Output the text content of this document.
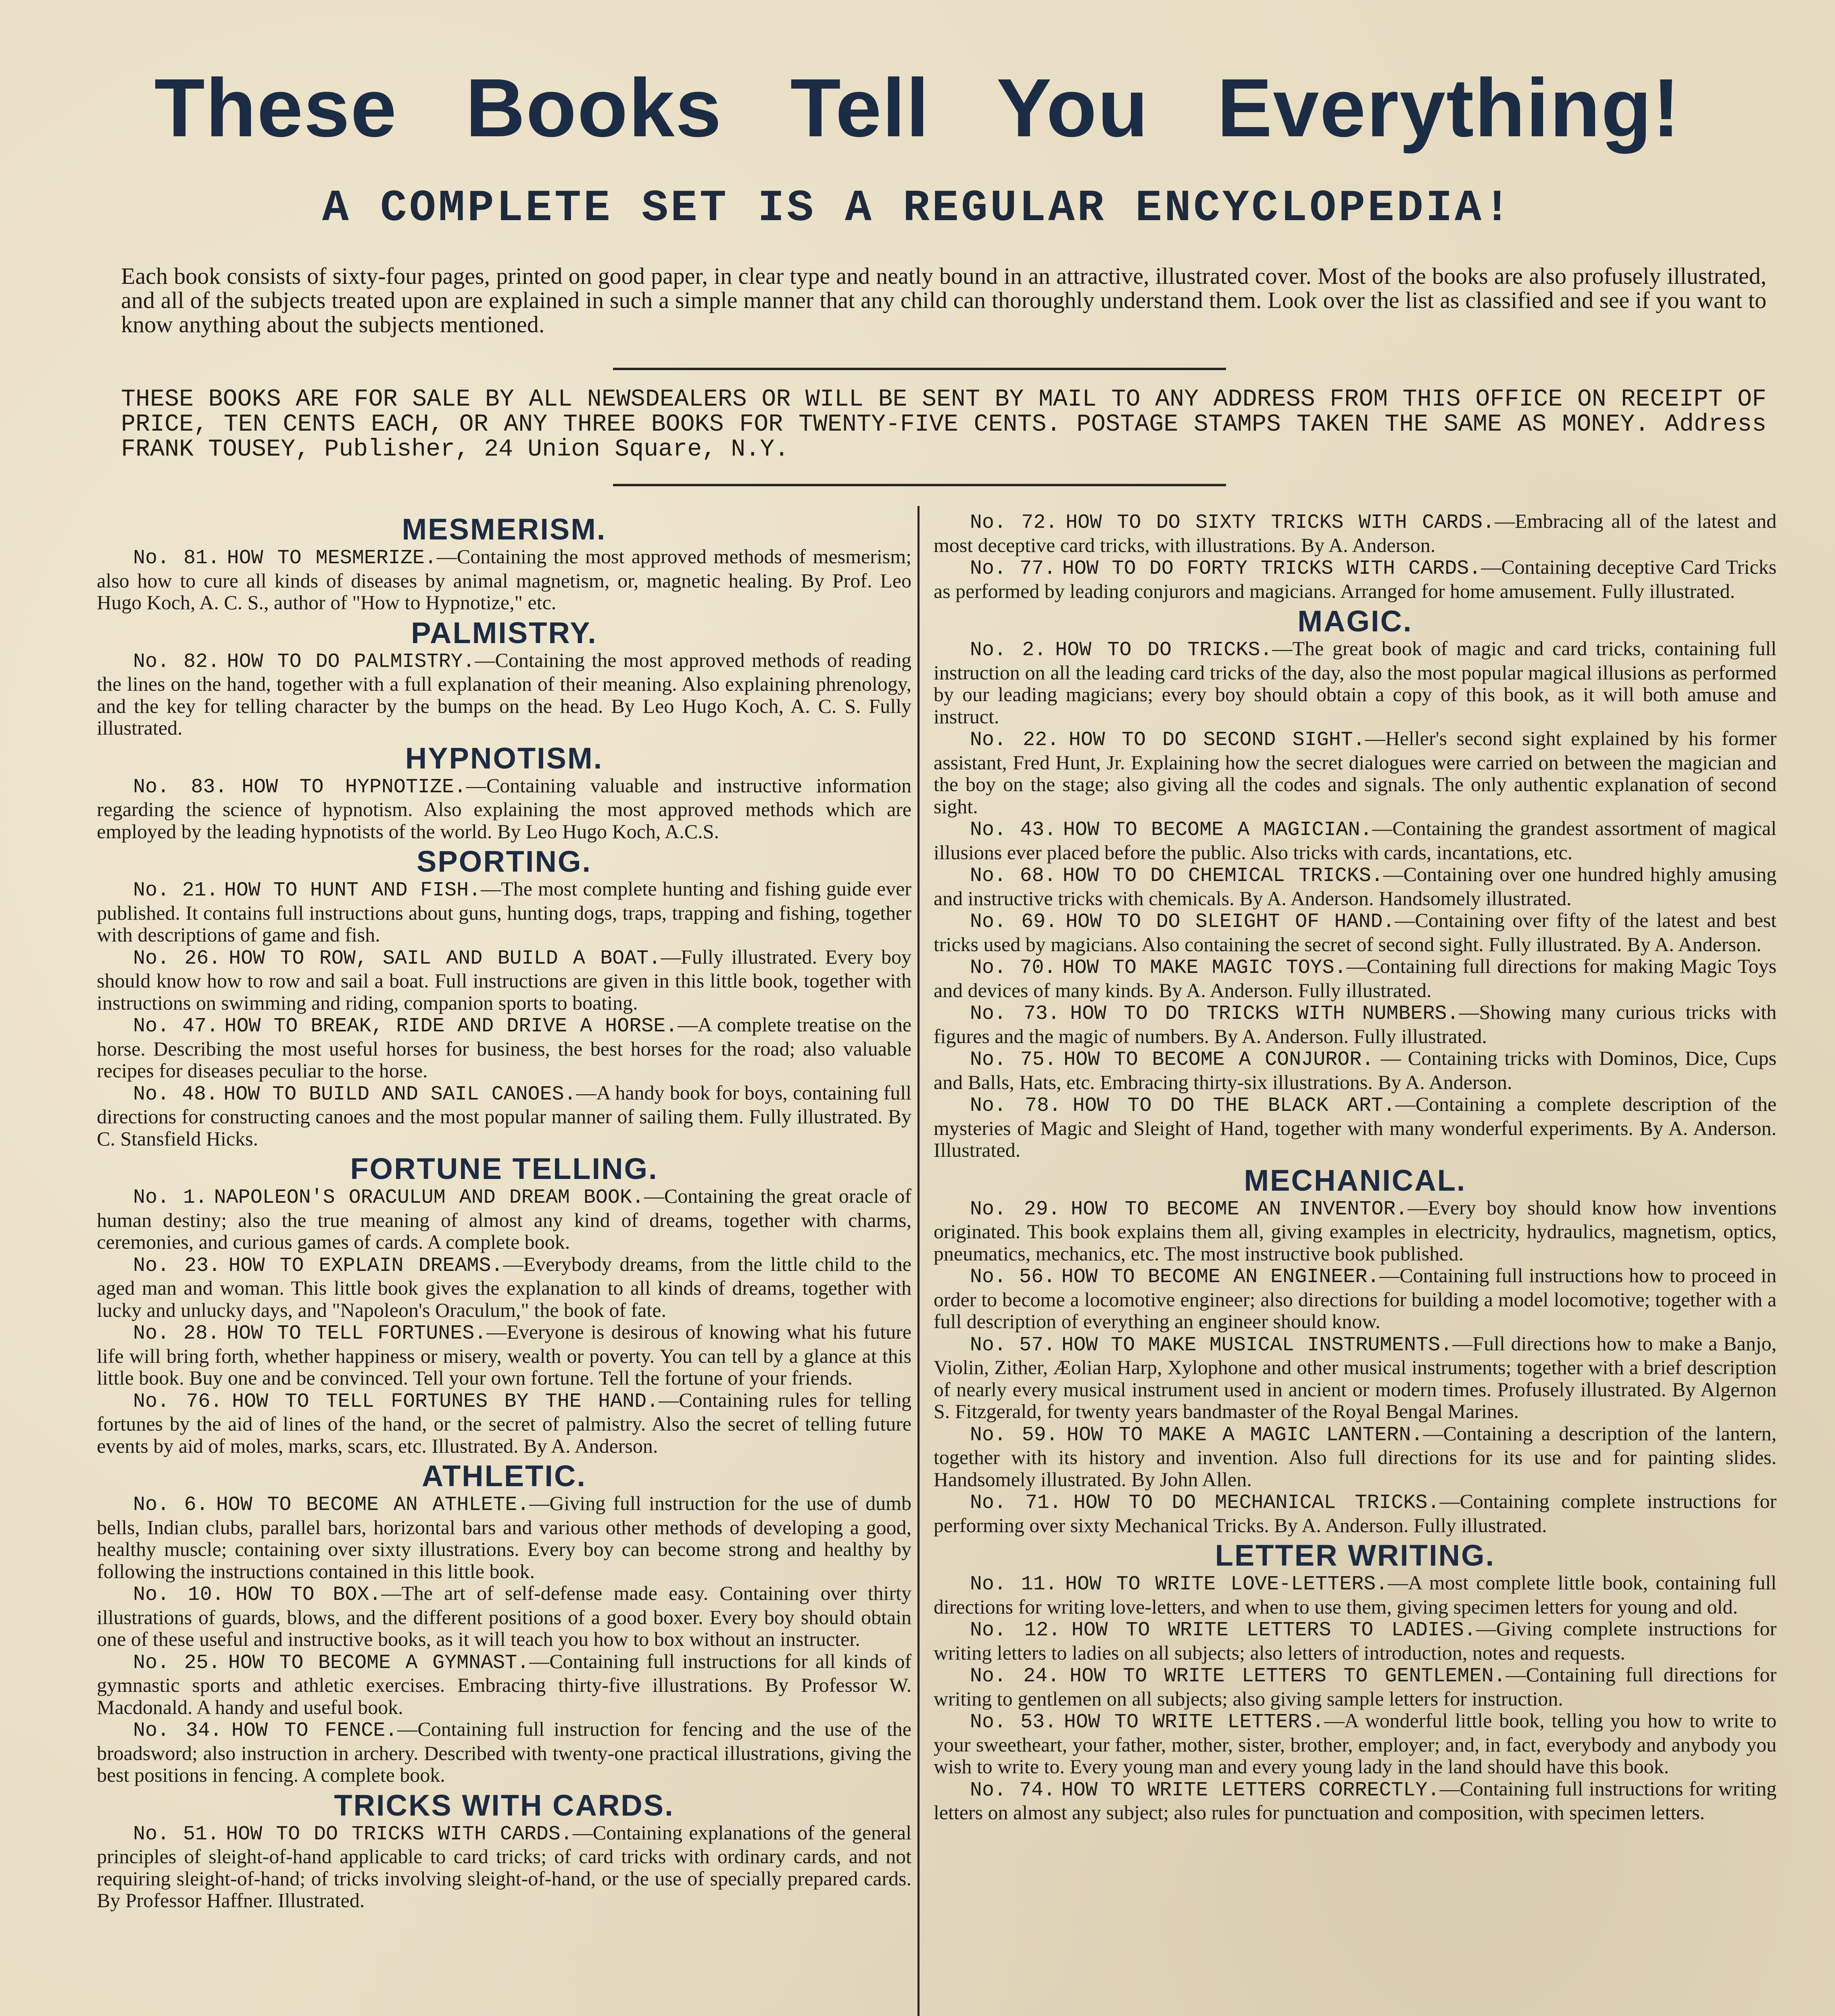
These Books Tell You Everything!
A COMPLETE SET IS A REGULAR ENCYCLOPEDIA!

Each book consists of sixty-four pages, printed on good paper, in clear type and neatly bound in an attractive, illustrated cover. Most of the books are also profusely illustrated, and all of the subjects treated upon are explained in such a simple manner that any child can thoroughly understand them. Look over the list as classified and see if you want to know anything about the subjects mentioned.

THESE BOOKS ARE FOR SALE BY ALL NEWSDEALERS OR WILL BE SENT BY MAIL TO ANY ADDRESS FROM THIS OFFICE ON RECEIPT OF PRICE, TEN CENTS EACH, OR ANY THREE BOOKS FOR TWENTY-FIVE CENTS. POSTAGE STAMPS TAKEN THE SAME AS MONEY. Address FRANK TOUSEY, Publisher, 24 Union Square, N.Y.

MESMERISM.

No. 81. HOW TO MESMERIZE.—Containing the most approved methods of mesmerism; also how to cure all kinds of diseases by animal magnetism, or, magnetic healing. By Prof. Leo Hugo Koch, A. C. S., author of "How to Hypnotize," etc.

PALMISTRY.

No. 82. HOW TO DO PALMISTRY.—Containing the most approved methods of reading the lines on the hand, together with a full explanation of their meaning. Also explaining phrenology, and the key for telling character by the bumps on the head. By Leo Hugo Koch, A. C. S. Fully illustrated.

HYPNOTISM.

No. 83. HOW TO HYPNOTIZE.—Containing valuable and instructive information regarding the science of hypnotism. Also explaining the most approved methods which are employed by the leading hypnotists of the world. By Leo Hugo Koch, A.C.S.

SPORTING.

No. 21. HOW TO HUNT AND FISH.—The most complete hunting and fishing guide ever published. It contains full instructions about guns, hunting dogs, traps, trapping and fishing, together with descriptions of game and fish.

No. 26. HOW TO ROW, SAIL AND BUILD A BOAT.—Fully illustrated. Every boy should know how to row and sail a boat. Full instructions are given in this little book, together with instructions on swimming and riding, companion sports to boating.

No. 47. HOW TO BREAK, RIDE AND DRIVE A HORSE.—A complete treatise on the horse. Describing the most useful horses for business, the best horses for the road; also valuable recipes for diseases peculiar to the horse.

No. 48. HOW TO BUILD AND SAIL CANOES.—A handy book for boys, containing full directions for constructing canoes and the most popular manner of sailing them. Fully illustrated. By C. Stansfield Hicks.

FORTUNE TELLING.

No. 1. NAPOLEON'S ORACULUM AND DREAM BOOK.—Containing the great oracle of human destiny; also the true meaning of almost any kind of dreams, together with charms, ceremonies, and curious games of cards. A complete book.

No. 23. HOW TO EXPLAIN DREAMS.—Everybody dreams, from the little child to the aged man and woman. This little book gives the explanation to all kinds of dreams, together with lucky and unlucky days, and "Napoleon's Oraculum," the book of fate.

No. 28. HOW TO TELL FORTUNES.—Everyone is desirous of knowing what his future life will bring forth, whether happiness or misery, wealth or poverty. You can tell by a glance at this little book. Buy one and be convinced. Tell your own fortune. Tell the fortune of your friends.

No. 76. HOW TO TELL FORTUNES BY THE HAND.—Containing rules for telling fortunes by the aid of lines of the hand, or the secret of palmistry. Also the secret of telling future events by aid of moles, marks, scars, etc. Illustrated. By A. Anderson.

ATHLETIC.

No. 6. HOW TO BECOME AN ATHLETE.—Giving full instruction for the use of dumb bells, Indian clubs, parallel bars, horizontal bars and various other methods of developing a good, healthy muscle; containing over sixty illustrations. Every boy can become strong and healthy by following the instructions contained in this little book.

No. 10. HOW TO BOX.—The art of self-defense made easy. Containing over thirty illustrations of guards, blows, and the different positions of a good boxer. Every boy should obtain one of these useful and instructive books, as it will teach you how to box without an instructer.

No. 25. HOW TO BECOME A GYMNAST.—Containing full instructions for all kinds of gymnastic sports and athletic exercises. Embracing thirty-five illustrations. By Professor W. Macdonald. A handy and useful book.

No. 34. HOW TO FENCE.—Containing full instruction for fencing and the use of the broadsword; also instruction in archery. Described with twenty-one practical illustrations, giving the best positions in fencing. A complete book.

TRICKS WITH CARDS.

No. 51. HOW TO DO TRICKS WITH CARDS.—Containing explanations of the general principles of sleight-of-hand applicable to card tricks; of card tricks with ordinary cards, and not requiring sleight-of-hand; of tricks involving sleight-of-hand, or the use of specially prepared cards. By Professor Haffner. Illustrated.

No. 72. HOW TO DO SIXTY TRICKS WITH CARDS.—Embracing all of the latest and most deceptive card tricks, with illustrations. By A. Anderson.

No. 77. HOW TO DO FORTY TRICKS WITH CARDS.—Containing deceptive Card Tricks as performed by leading conjurors and magicians. Arranged for home amusement. Fully illustrated.

MAGIC.

No. 2. HOW TO DO TRICKS.—The great book of magic and card tricks, containing full instruction on all the leading card tricks of the day, also the most popular magical illusions as performed by our leading magicians; every boy should obtain a copy of this book, as it will both amuse and instruct.

No. 22. HOW TO DO SECOND SIGHT.—Heller's second sight explained by his former assistant, Fred Hunt, Jr. Explaining how the secret dialogues were carried on between the magician and the boy on the stage; also giving all the codes and signals. The only authentic explanation of second sight.

No. 43. HOW TO BECOME A MAGICIAN.—Containing the grandest assortment of magical illusions ever placed before the public. Also tricks with cards, incantations, etc.

No. 68. HOW TO DO CHEMICAL TRICKS.—Containing over one hundred highly amusing and instructive tricks with chemicals. By A. Anderson. Handsomely illustrated.

No. 69. HOW TO DO SLEIGHT OF HAND.—Containing over fifty of the latest and best tricks used by magicians. Also containing the secret of second sight. Fully illustrated. By A. Anderson.

No. 70. HOW TO MAKE MAGIC TOYS.—Containing full directions for making Magic Toys and devices of many kinds. By A. Anderson. Fully illustrated.

No. 73. HOW TO DO TRICKS WITH NUMBERS.—Showing many curious tricks with figures and the magic of numbers. By A. Anderson. Fully illustrated.

No. 75. HOW TO BECOME A CONJUROR. — Containing tricks with Dominos, Dice, Cups and Balls, Hats, etc. Embracing thirty-six illustrations. By A. Anderson.

No. 78. HOW TO DO THE BLACK ART.—Containing a complete description of the mysteries of Magic and Sleight of Hand, together with many wonderful experiments. By A. Anderson. Illustrated.

MECHANICAL.

No. 29. HOW TO BECOME AN INVENTOR.—Every boy should know how inventions originated. This book explains them all, giving examples in electricity, hydraulics, magnetism, optics, pneumatics, mechanics, etc. The most instructive book published.

No. 56. HOW TO BECOME AN ENGINEER.—Containing full instructions how to proceed in order to become a locomotive engineer; also directions for building a model locomotive; together with a full description of everything an engineer should know.

No. 57. HOW TO MAKE MUSICAL INSTRUMENTS.—Full directions how to make a Banjo, Violin, Zither, Æolian Harp, Xylophone and other musical instruments; together with a brief description of nearly every musical instrument used in ancient or modern times. Profusely illustrated. By Algernon S. Fitzgerald, for twenty years bandmaster of the Royal Bengal Marines.

No. 59. HOW TO MAKE A MAGIC LANTERN.—Containing a description of the lantern, together with its history and invention. Also full directions for its use and for painting slides. Handsomely illustrated. By John Allen.

No. 71. HOW TO DO MECHANICAL TRICKS.—Containing complete instructions for performing over sixty Mechanical Tricks. By A. Anderson. Fully illustrated.

LETTER WRITING.

No. 11. HOW TO WRITE LOVE-LETTERS.—A most complete little book, containing full directions for writing love-letters, and when to use them, giving specimen letters for young and old.

No. 12. HOW TO WRITE LETTERS TO LADIES.—Giving complete instructions for writing letters to ladies on all subjects; also letters of introduction, notes and requests.

No. 24. HOW TO WRITE LETTERS TO GENTLEMEN.—Containing full directions for writing to gentlemen on all subjects; also giving sample letters for instruction.

No. 53. HOW TO WRITE LETTERS.—A wonderful little book, telling you how to write to your sweetheart, your father, mother, sister, brother, employer; and, in fact, everybody and anybody you wish to write to. Every young man and every young lady in the land should have this book.

No. 74. HOW TO WRITE LETTERS CORRECTLY.—Containing full instructions for writing letters on almost any subject; also rules for punctuation and composition, with specimen letters.
